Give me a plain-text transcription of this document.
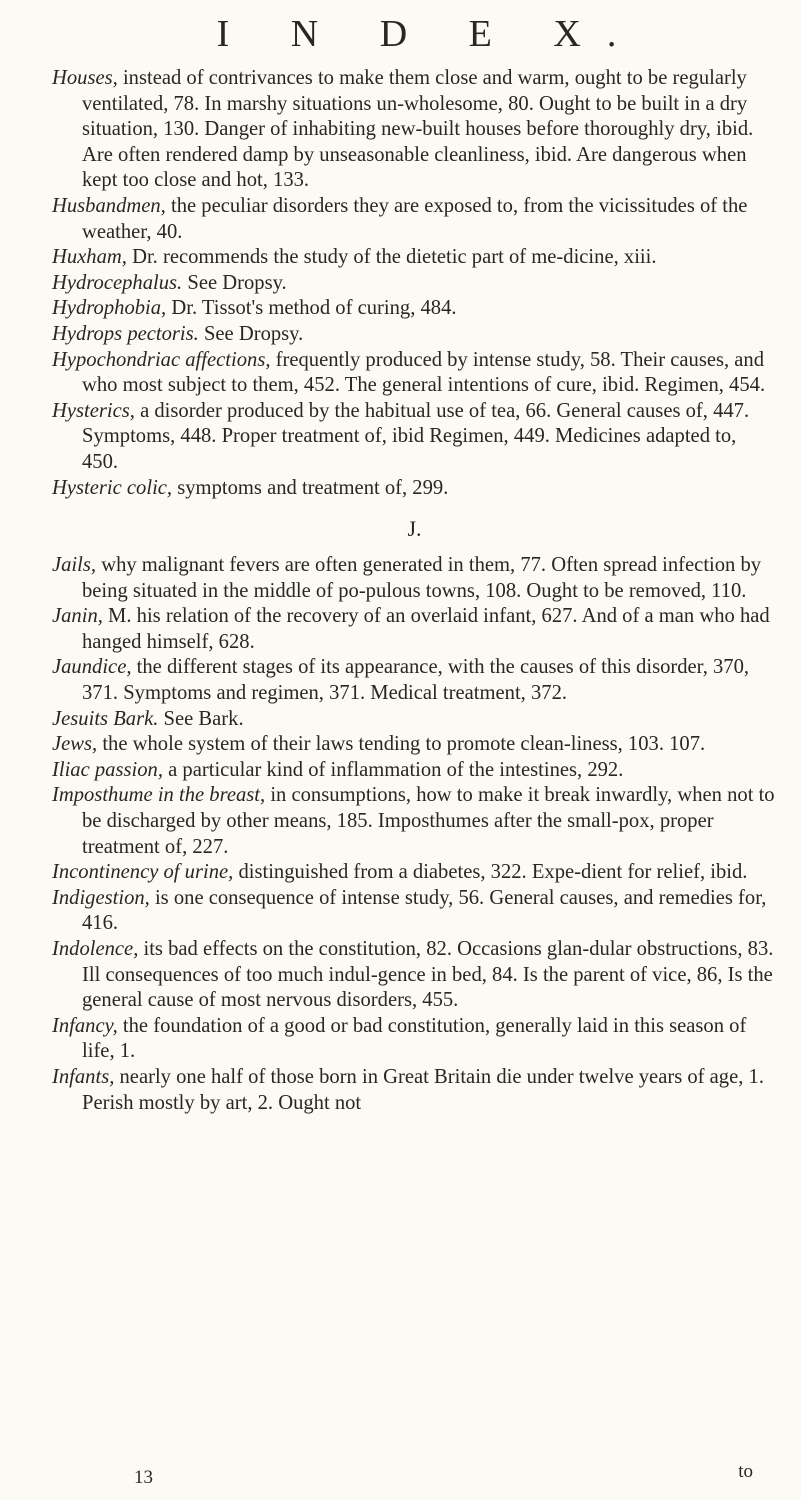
I N D E X.

Houses, instead of contrivances to make them close and warm, ought to be regularly ventilated, 78. In marshy situations un-wholesome, 80. Ought to be built in a dry situation, 130. Danger of inhabiting new-built houses before thoroughly dry, ibid. Are often rendered damp by unseasonable cleanliness, ibid. Are dangerous when kept too close and hot, 133.

Husbandmen, the peculiar disorders they are exposed to, from the vicissitudes of the weather, 40.

Huxham, Dr. recommends the study of the dietetic part of me-dicine, xiii.

Hydrocephalus. See Dropsy.

Hydrophobia, Dr. Tissot's method of curing, 484.

Hydrops pectoris. See Dropsy.

Hypochondriac affections, frequently produced by intense study, 58. Their causes, and who most subject to them, 452. The general intentions of cure, ibid. Regimen, 454.

Hysterics, a disorder produced by the habitual use of tea, 66. General causes of, 447. Symptoms, 448. Proper treatment of, ibid Regimen, 449. Medicines adapted to, 450.

Hysteric colic, symptoms and treatment of, 299.

J.

Jails, why malignant fevers are often generated in them, 77. Often spread infection by being situated in the middle of po-pulous towns, 108. Ought to be removed, 110.

Janin, M. his relation of the recovery of an overlaid infant, 627. And of a man who had hanged himself, 628.

Jaundice, the different stages of its appearance, with the causes of this disorder, 370, 371. Symptoms and regimen, 371. Medical treatment, 372.

Jesuits Bark. See Bark.

Jews, the whole system of their laws tending to promote clean-liness, 103. 107.

Iliac passion, a particular kind of inflammation of the intestines, 292.

Imposthume in the breast, in consumptions, how to make it break inwardly, when not to be discharged by other means, 185. Imposthumes after the small-pox, proper treatment of, 227.

Incontinency of urine, distinguished from a diabetes, 322. Expe-dient for relief, ibid.

Indigestion, is one consequence of intense study, 56. General causes, and remedies for, 416.

Indolence, its bad effects on the constitution, 82. Occasions glan-dular obstructions, 83. Ill consequences of too much indul-gence in bed, 84. Is the parent of vice, 86, Is the general cause of most nervous disorders, 455.

Infancy, the foundation of a good or bad constitution, generally laid in this season of life, 1.

Infants, nearly one half of those born in Great Britain die under twelve years of age, 1. Perish mostly by art, 2. Ought not

13	to
